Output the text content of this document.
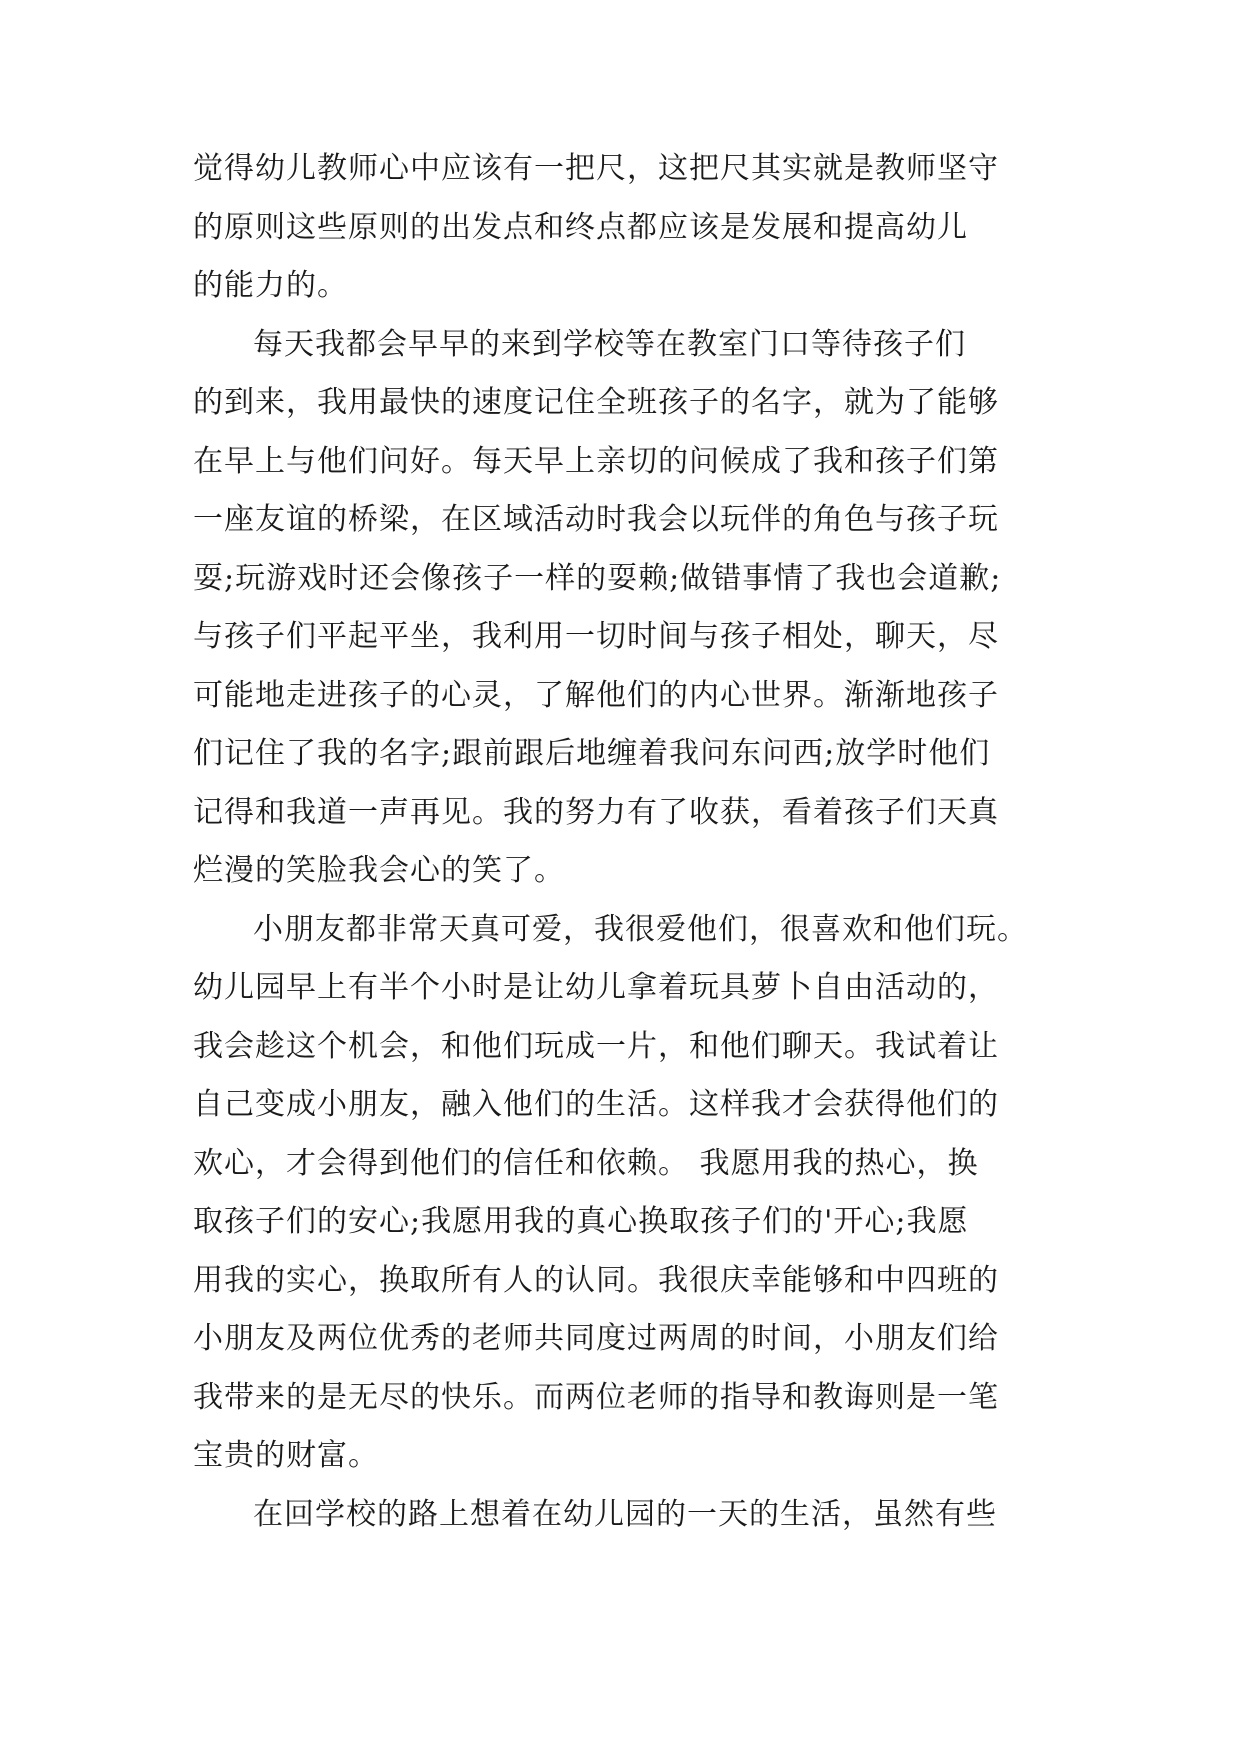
觉得幼儿教师心中应该有一把尺，这把尺其实就是教师坚守
的原则这些原则的出发点和终点都应该是发展和提高幼儿
的能力的。
每天我都会早早的来到学校等在教室门口等待孩子们
的到来，我用最快的速度记住全班孩子的名字，就为了能够
在早上与他们问好。每天早上亲切的问候成了我和孩子们第
一座友谊的桥梁，在区域活动时我会以玩伴的角色与孩子玩
耍;玩游戏时还会像孩子一样的耍赖;做错事情了我也会道歉;
与孩子们平起平坐，我利用一切时间与孩子相处，聊天，尽
可能地走进孩子的心灵，了解他们的内心世界。渐渐地孩子
们记住了我的名字;跟前跟后地缠着我问东问西;放学时他们
记得和我道一声再见。我的努力有了收获，看着孩子们天真
烂漫的笑脸我会心的笑了。
小朋友都非常天真可爱，我很爱他们，很喜欢和他们玩。
幼儿园早上有半个小时是让幼儿拿着玩具萝卜自由活动的，
我会趁这个机会，和他们玩成一片，和他们聊天。我试着让
自己变成小朋友，融入他们的生活。这样我才会获得他们的
欢心，才会得到他们的信任和依赖。 我愿用我的热心，换
取孩子们的安心;我愿用我的真心换取孩子们的'开心;我愿
用我的实心，换取所有人的认同。我很庆幸能够和中四班的
小朋友及两位优秀的老师共同度过两周的时间，小朋友们给
我带来的是无尽的快乐。而两位老师的指导和教诲则是一笔
宝贵的财富。
在回学校的路上想着在幼儿园的一天的生活，虽然有些
